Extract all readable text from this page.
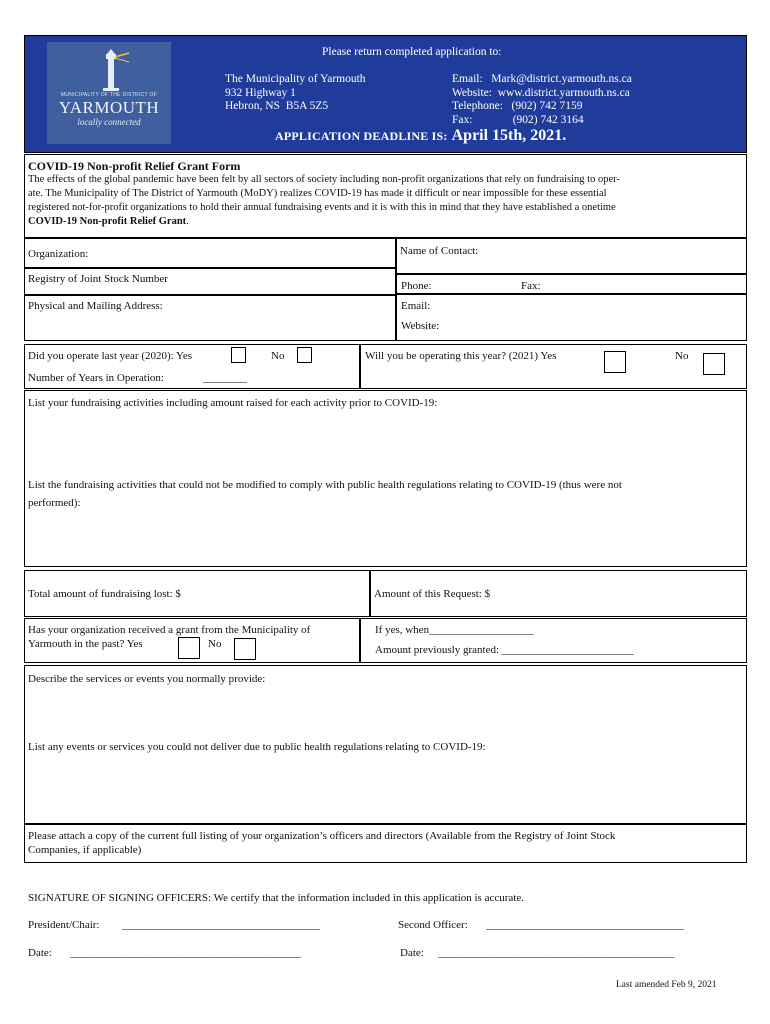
MUNICIPALITY OF THE DISTRICT OF
YARMOUTH
locally connected
Please return completed application to:
The Municipality of Yarmouth
932 Highway 1
Hebron, NS  B5A 5Z5
Email:   Mark@district.yarmouth.ns.ca
Website:  www.district.yarmouth.ns.ca
Telephone:   (902) 742 7159
Fax:              (902) 742 3164
APPLICATION DEADLINE IS: April 15th, 2021.
COVID-19 Non-profit Relief Grant Form
The effects of the global pandemic have been felt by all sectors of society including non-profit organizations that rely on fundraising to oper-
ate. The Municipality of The District of Yarmouth (MoDY) realizes COVID-19 has made it difficult or near impossible for these essential
registered not-for-profit organizations to hold their annual fundraising events and it is with this in mind that they have established a onetime
COVID-19 Non-profit Relief Grant.
Organization:	Name of Contact:
Registry of Joint Stock Number
Phone:	Fax:
Physical and Mailing Address:	Email:
Website:
Did you operate last year (2020): Yes	No
Number of Years in Operation:	________
Will you be operating this year? (2021) Yes	No
List your fundraising activities including amount raised for each activity prior to COVID-19:
List the fundraising activities that could not be modified to comply with public health regulations relating to COVID-19 (thus were not
performed):
Total amount of fundraising lost: $	Amount of this Request: $
Has your organization received a grant from the Municipality of
Yarmouth in the past? Yes	No
If yes, when___________________
Amount previously granted: ________________________
Describe the services or events you normally provide:
List any events or services you could not deliver due to public health regulations relating to COVID-19:
Please attach a copy of the current full listing of your organization’s officers and directors (Available from the Registry of Joint Stock
Companies, if applicable)
SIGNATURE OF SIGNING OFFICERS: We certify that the information included in this application is accurate.
President/Chair: ____________________________________	Second Officer: ____________________________________
Date: __________________________________________	Date: ___________________________________________
Last amended Feb 9, 2021
